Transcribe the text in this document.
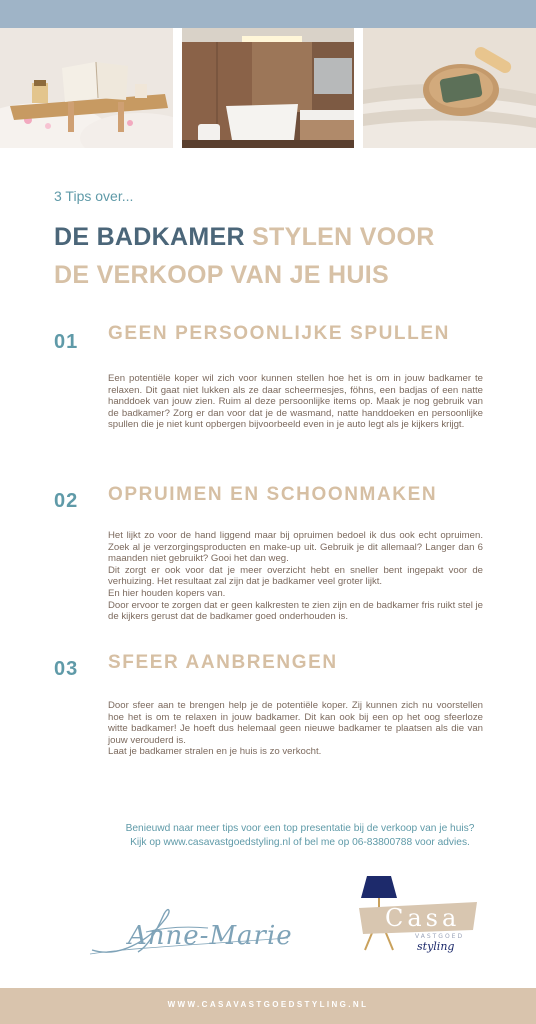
3 Tips over...
DE BADKAMER STYLEN VOOR
DE VERKOOP VAN JE HUIS
01 GEEN PERSOONLIJKE SPULLEN

Een potentiële koper wil zich voor kunnen stellen hoe het is om in jouw badkamer te relaxen. Dit gaat niet lukken als ze daar scheermesjes, föhns, een badjas of een natte handdoek van jouw zien. Ruim al deze persoonlijke items op. Maak je nog gebruik van de badkamer? Zorg er dan voor dat je de wasmand, natte handdoeken en persoonlijke spullen die je niet kunt opbergen bijvoorbeeld even in je auto legt als je kijkers krijgt.

02 OPRUIMEN EN SCHOONMAKEN

Het lijkt zo voor de hand liggend maar bij opruimen bedoel ik dus ook echt opruimen. Zoek al je verzorgingsproducten en make-up uit. Gebruik je dit allemaal? Langer dan 6 maanden niet gebruikt? Gooi het dan weg.

Dit zorgt er ook voor dat je meer overzicht hebt en sneller bent ingepakt voor de verhuizing. Het resultaat zal zijn dat je badkamer veel groter lijkt.

En hier houden kopers van.

Door ervoor te zorgen dat er geen kalkresten te zien zijn en de badkamer fris ruikt stel je de kijkers gerust dat de badkamer goed onderhouden is.

03 SFEER AANBRENGEN

Door sfeer aan te brengen help je de potentiële koper. Zij kunnen zich nu voorstellen hoe het is om te relaxen in jouw badkamer. Dit kan ook bij een op het oog sfeerloze witte badkamer! Je hoeft dus helemaal geen nieuwe badkamer te plaatsen als die van jouw verouderd is.

Laat je badkamer stralen en je huis is zo verkocht.

Benieuwd naar meer tips voor een top presentatie bij de verkoop van je huis?
Kijk op www.casavastgoedstyling.nl of bel me op 06-83800788 voor advies.
Anne-Marie
Casa
VASTGOED
styling
WWW.CASAVASTGOEDSTYLING.NL
